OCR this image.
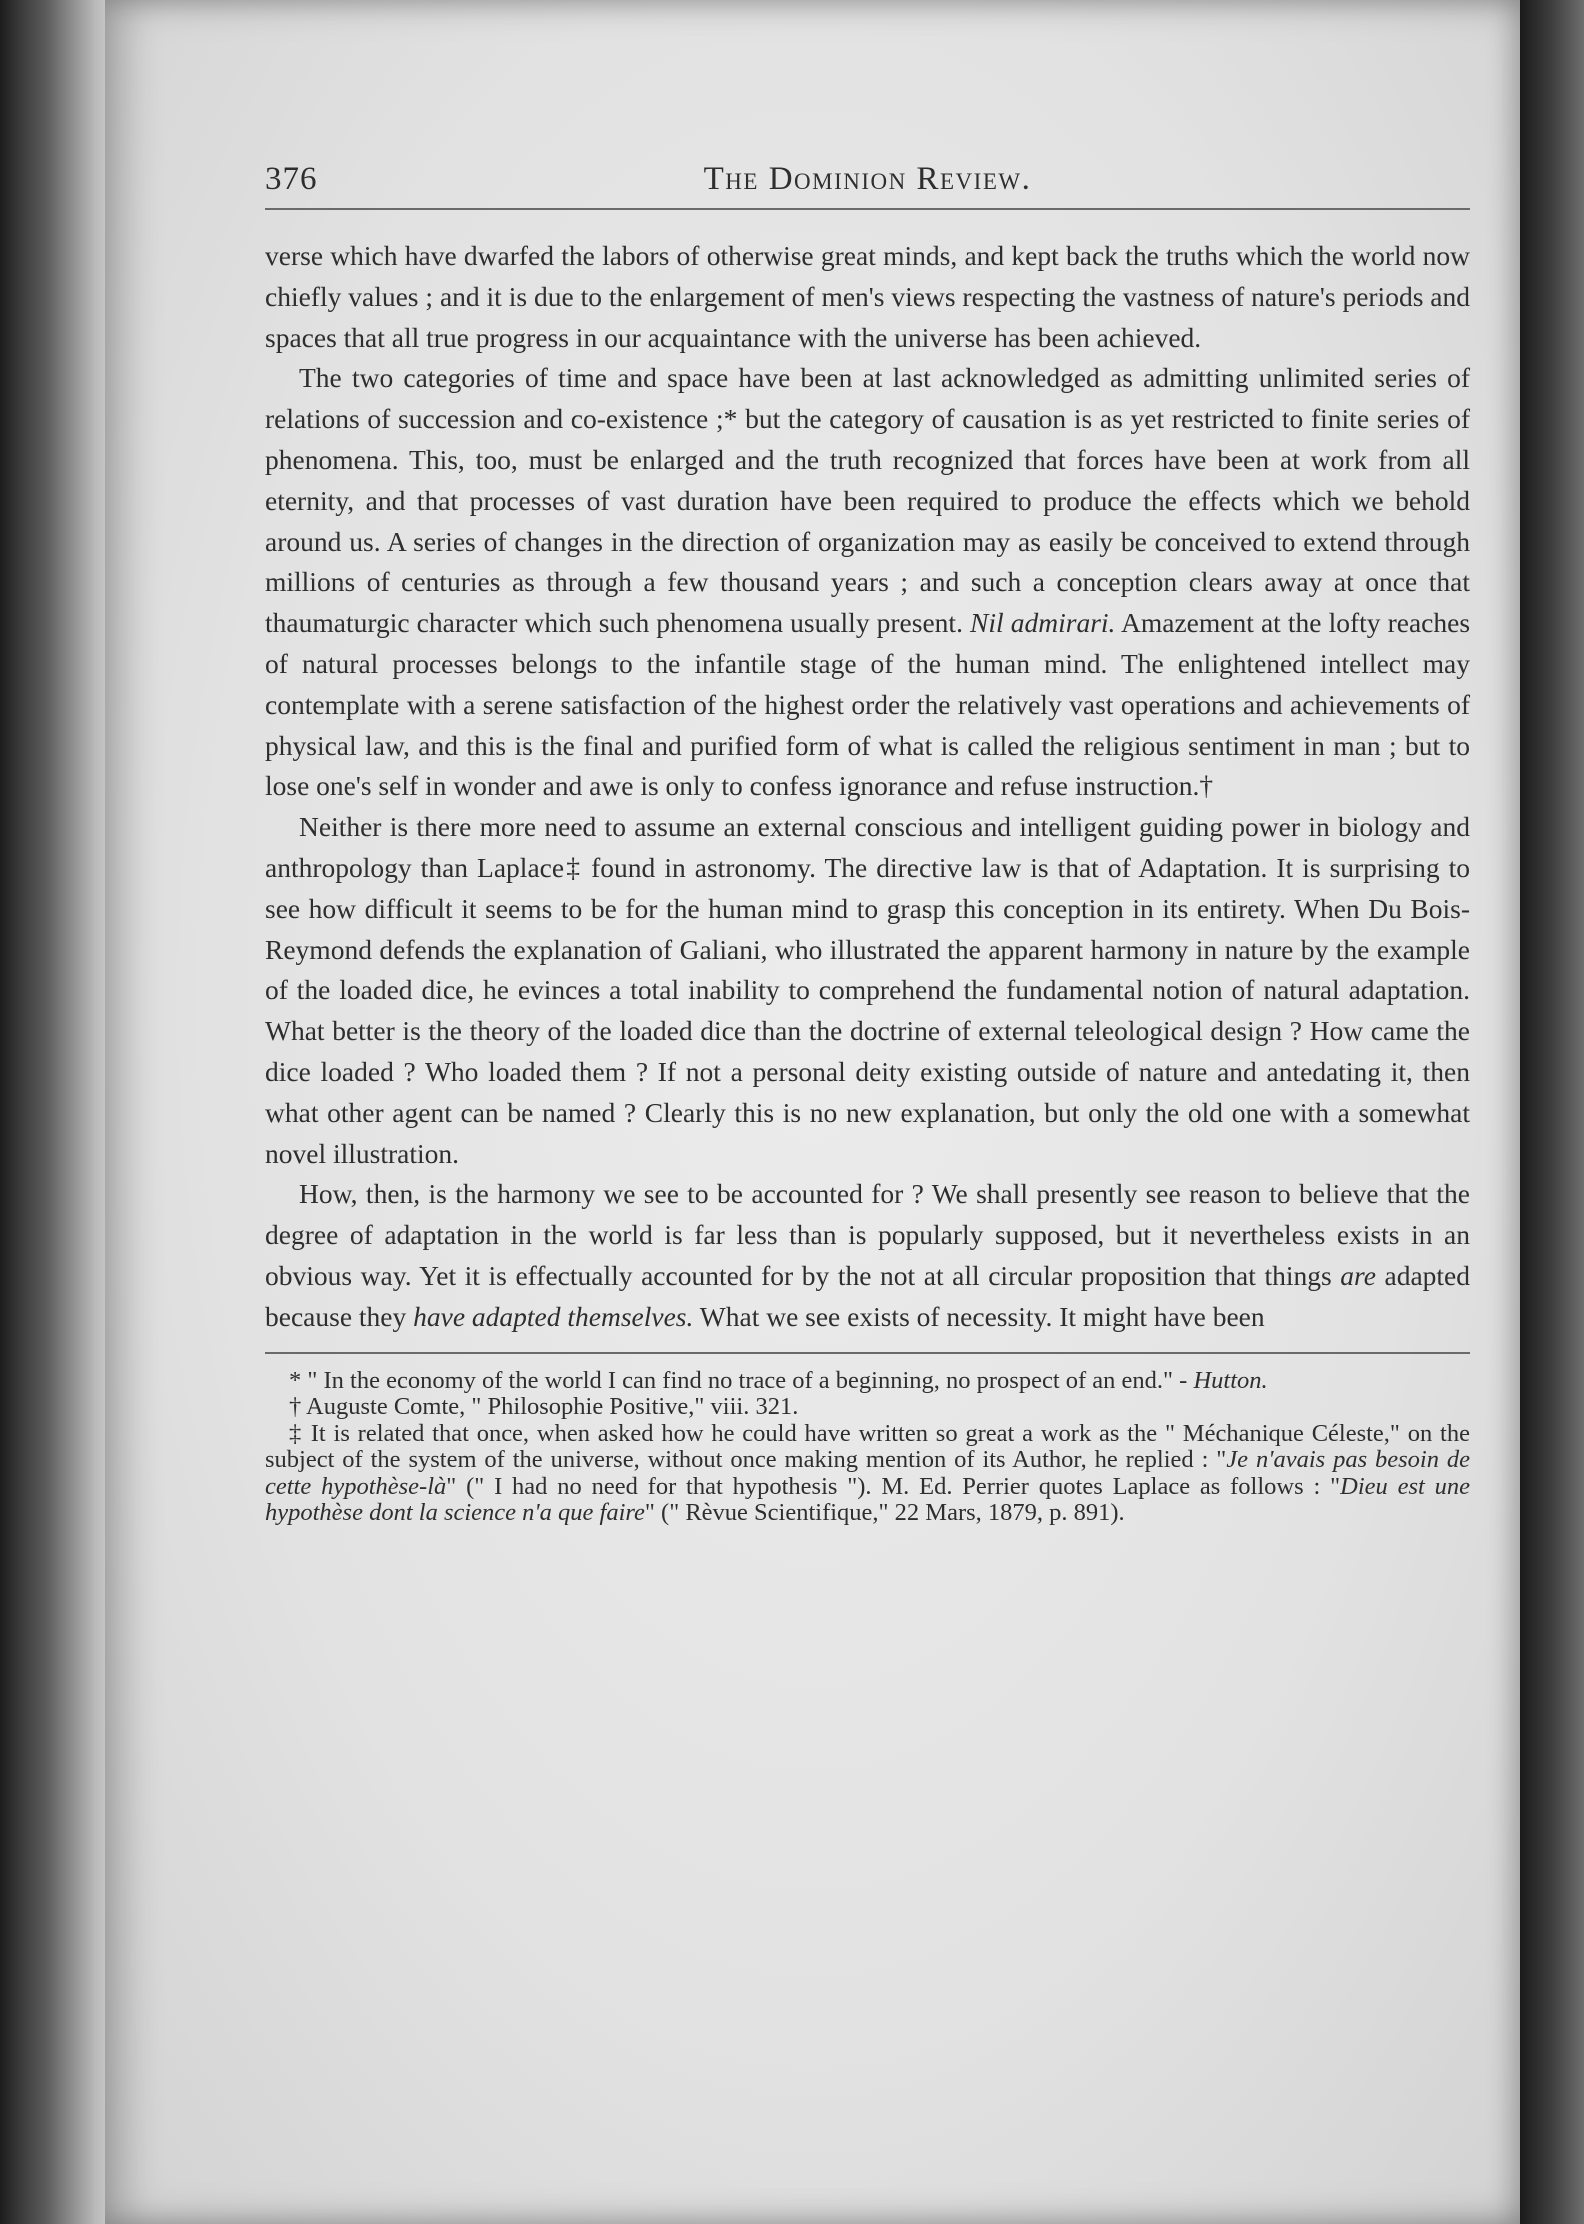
376	The Dominion Review.

verse which have dwarfed the labors of otherwise great minds, and kept back the truths which the world now chiefly values ; and it is due to the enlargement of men's views respecting the vastness of nature's periods and spaces that all true progress in our acquaintance with the universe has been achieved.

The two categories of time and space have been at last acknowledged as admitting unlimited series of relations of succession and co-existence ;* but the category of causation is as yet restricted to finite series of phenomena. This, too, must be enlarged and the truth recognized that forces have been at work from all eternity, and that processes of vast duration have been required to produce the effects which we behold around us. A series of changes in the direction of organization may as easily be conceived to extend through millions of centuries as through a few thousand years ; and such a conception clears away at once that thaumaturgic character which such phenomena usually present. Nil admirari. Amazement at the lofty reaches of natural processes belongs to the infantile stage of the human mind. The enlightened intellect may contemplate with a serene satisfaction of the highest order the relatively vast operations and achievements of physical law, and this is the final and purified form of what is called the religious sentiment in man ; but to lose one's self in wonder and awe is only to confess ignorance and refuse instruction.†

Neither is there more need to assume an external conscious and intelligent guiding power in biology and anthropology than Laplace‡ found in astronomy. The directive law is that of Adaptation. It is surprising to see how difficult it seems to be for the human mind to grasp this conception in its entirety. When Du Bois-Reymond defends the explanation of Galiani, who illustrated the apparent harmony in nature by the example of the loaded dice, he evinces a total inability to comprehend the fundamental notion of natural adaptation. What better is the theory of the loaded dice than the doctrine of external teleological design ? How came the dice loaded ? Who loaded them ? If not a personal deity existing outside of nature and antedating it, then what other agent can be named ? Clearly this is no new explanation, but only the old one with a somewhat novel illustration.

How, then, is the harmony we see to be accounted for ? We shall presently see reason to believe that the degree of adaptation in the world is far less than is popularly supposed, but it nevertheless exists in an obvious way. Yet it is effectually accounted for by the not at all circular proposition that things are adapted because they have adapted themselves. What we see exists of necessity. It might have been

* " In the economy of the world I can find no trace of a beginning, no prospect of an end." - Hutton.

† Auguste Comte, " Philosophie Positive," viii. 321.

‡ It is related that once, when asked how he could have written so great a work as the " Méchanique Céleste," on the subject of the system of the universe, without once making mention of its Author, he replied : "Je n'avais pas besoin de cette hypothèse-là" (" I had no need for that hypothesis "). M. Ed. Perrier quotes Laplace as follows : "Dieu est une hypothèse dont la science n'a que faire" (" Rèvue Scientifique," 22 Mars, 1879, p. 891).
